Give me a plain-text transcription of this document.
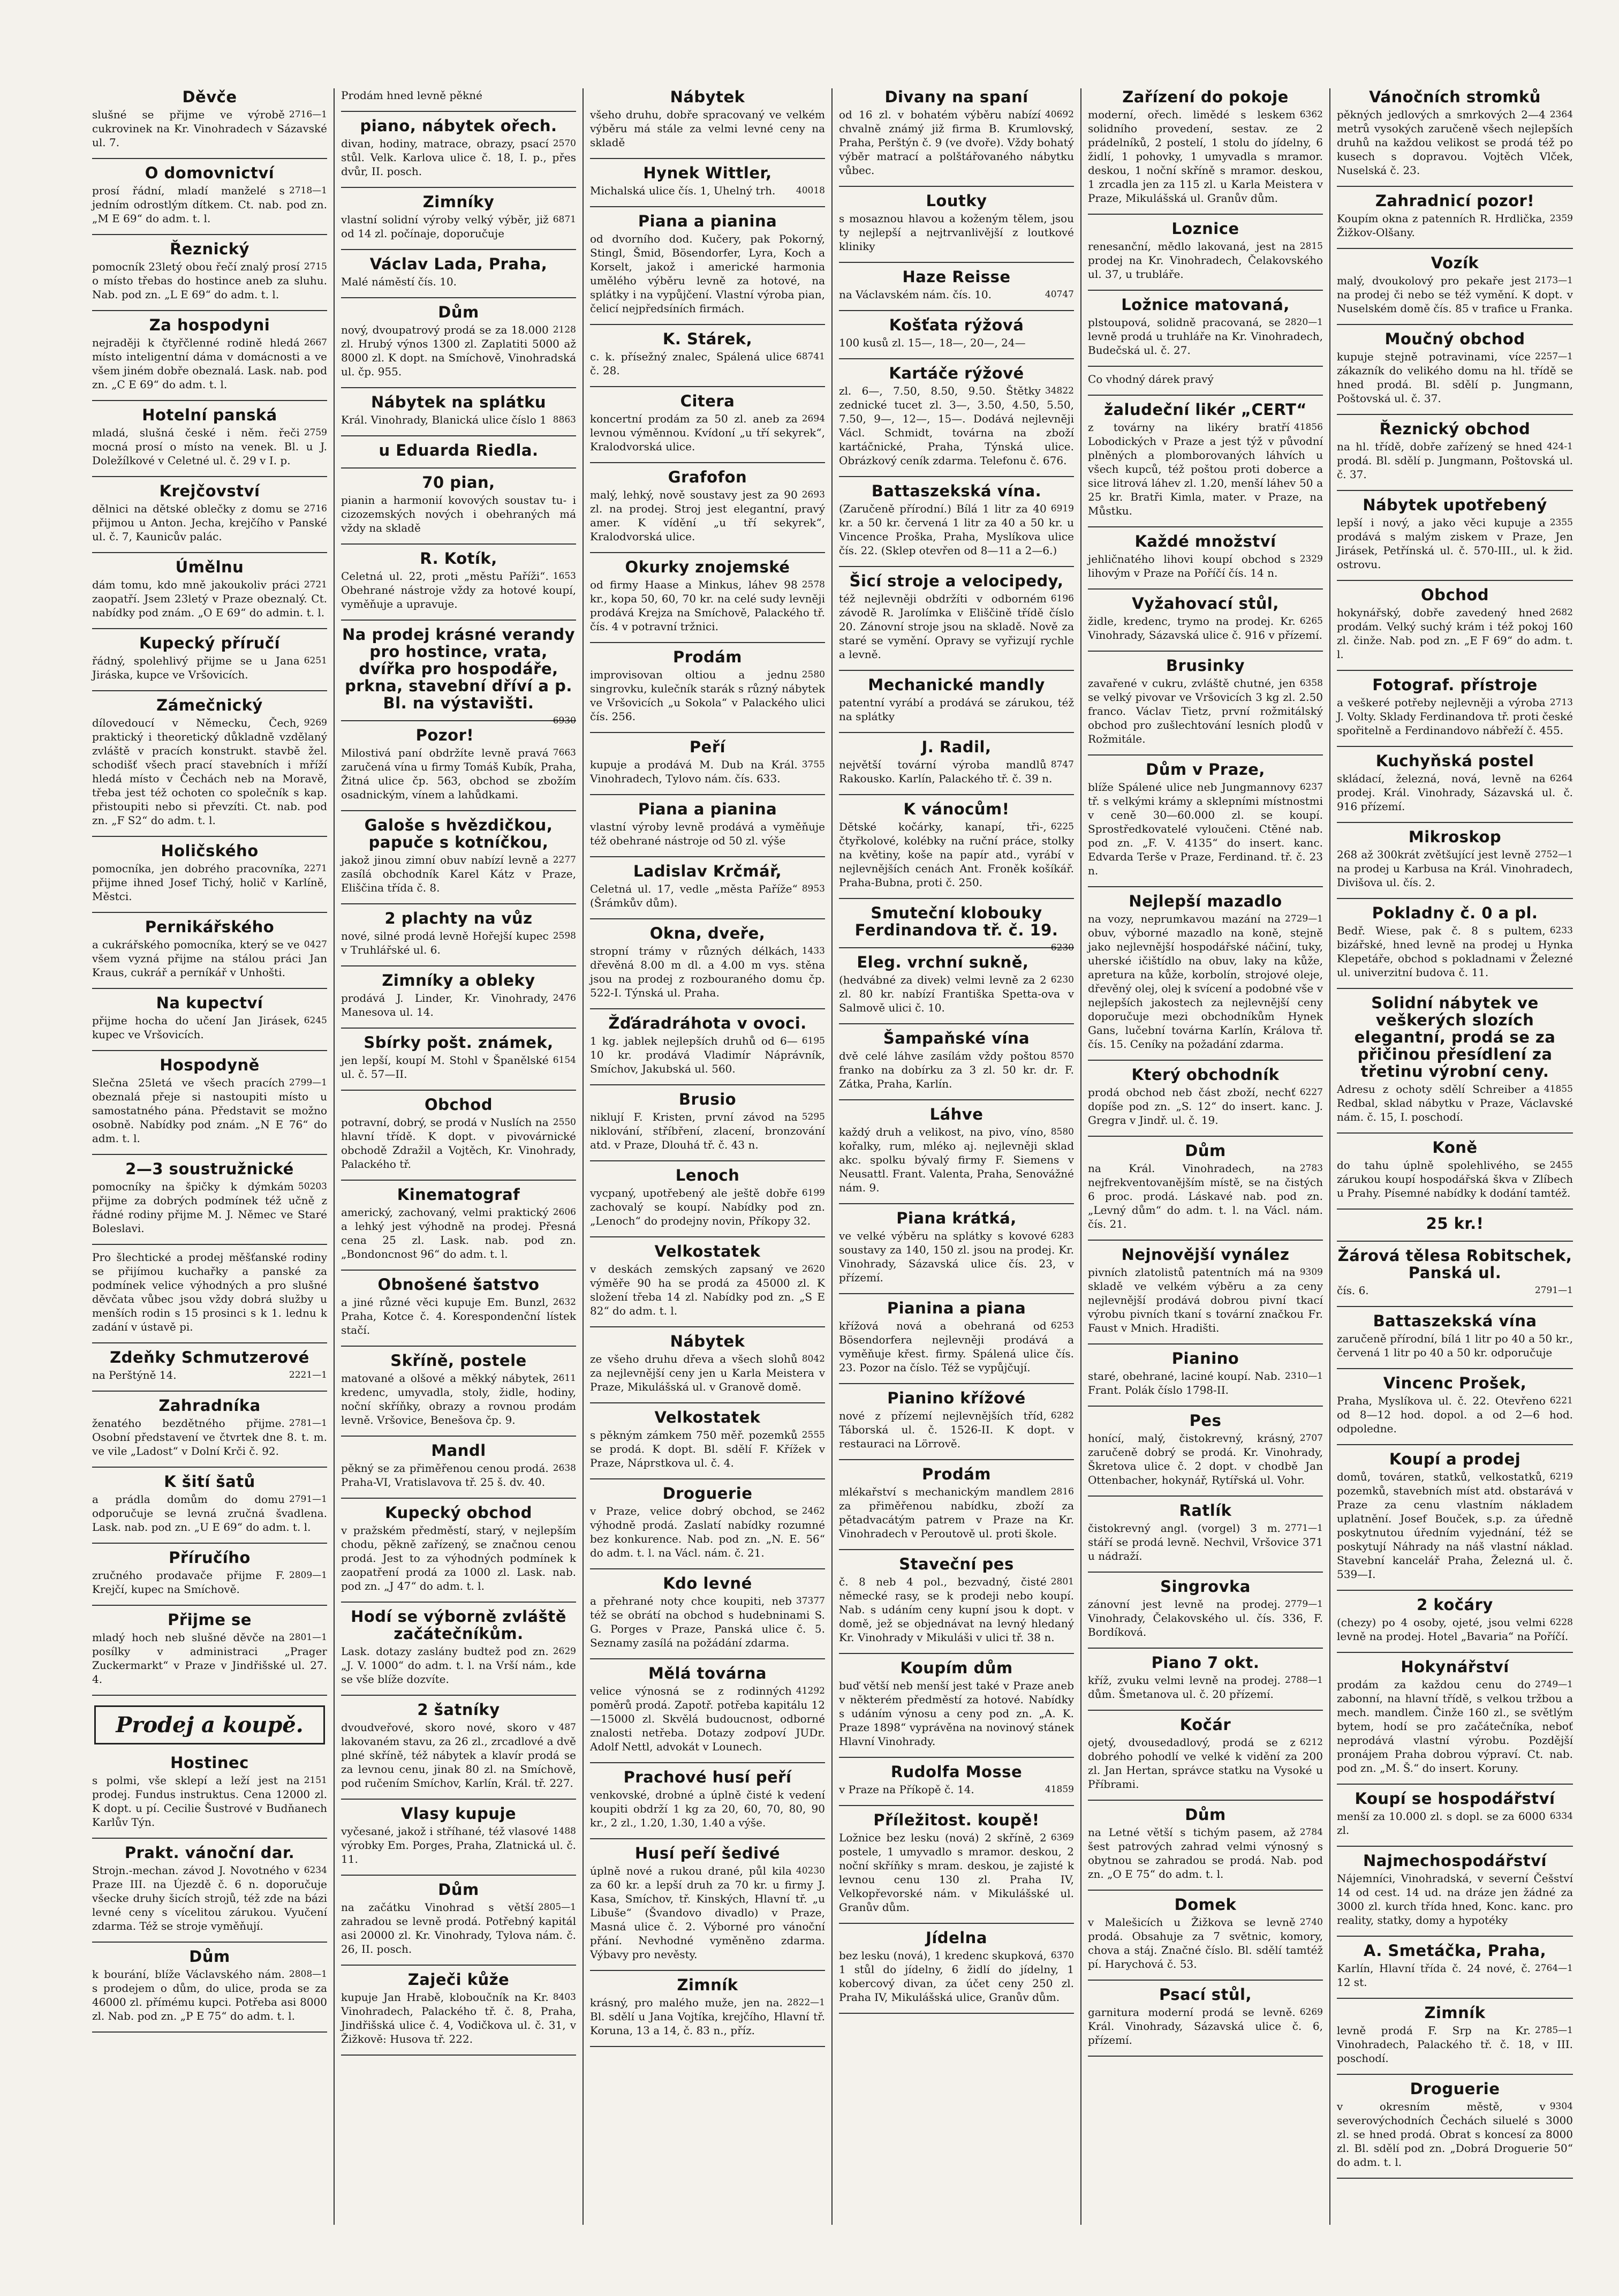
Děvče

2716—1
slušné se přijme ve výrobě cukrovinek na Kr. Vinohradech v Sázavské ul. 7.

O domovnictví

2718—1
prosí řádní, mladí manželé s jedním odrostlým dítkem. Ct. nab. pod zn. „M E 69“ do adm. t. l.

Řeznický

2715
pomocník 23letý obou řečí znalý prosí o místo třebas do hostince aneb za sluhu. Nab. pod zn. „L E 69“ do adm. t. l.

Za hospodyni

2667
nejraději k čtyřčlenné rodině hledá místo inteligentní dáma v domácnosti a ve všem jiném dobře obeznalá. Lask. nab. pod zn. „C E 69“ do adm. t. l.

Hotelní panská

2759
mladá, slušná české i něm. řeči mocná prosí o místo na venek. Bl. u J. Doležílkové v Celetné ul. č. 29 v I. p.

Krejčovství

2716
dělnici na dětské oblečky z domu se přijmou u Anton. Jecha, krejčího v Panské ul. č. 7, Kaunicův palác.

Úmělnu

2721
dám tomu, kdo mně jakoukoliv práci zaopatří. Jsem 23letý v Praze obeznalý. Ct. nabídky pod znám. „O E 69“ do admin. t. l.

Kupecký příručí

6251
řádný, spolehlivý přijme se u Jana Jiráska, kupce ve Vršovicích.

Zámečnický

9269
dílovedoucí v Německu, Čech, praktický i theoretický důkladně vzdělaný zvláště v pracích konstrukt. stavbě žel. schodišť všech prací stavebních i mříží hledá místo v Čechách neb na Moravě, třeba jest též ochoten co společník s kap. přistoupiti nebo si převzíti. Ct. nab. pod zn. „F S2“ do adm. t. l.

Holičského

2271
pomocníka, jen dobrého pracovníka, přijme ihned Josef Tichý, holič v Karlíně, Městci.

Pernikářského

0427
a cukrářského pomocníka, který se ve všem vyzná přijme na stálou práci Jan Kraus, cukrář a perníkář v Unhošti.

Na kupectví

6245
přijme hocha do učení Jan Jirásek, kupec ve Vršovicích.

Hospodyně

2799—1
Slečna 25letá ve všech pracích obeznalá přeje si nastoupiti místo u samostatného pána. Představit se možno osobně. Nabídky pod znám. „N E 76“ do adm. t. l.

2—3 soustružnické

50203
pomocníky na špičky k dýmkám přijme za dobrých podmínek též učně z řádné rodiny přijme M. J. Němec ve Staré Boleslavi.

Pro šlechtické a prodej měšťanské rodiny se přijímou kuchařky a panské za podmínek velice výhodných a pro slušné děvčata vůbec jsou vždy dobrá služby u menších rodin s 15 prosinci s k 1. lednu k zadání v ústavě pi.

Zdeňky Schmutzerové

2221—1
na Perštýně 14.

Zahradníka

2781—1
ženatého bezdětného přijme. Osobní představení ve čtvrtek dne 8. t. m. ve vile „Ladost“ v Dolní Krči č. 92.

K šití šatů

2791—1
a prádla domům do domu odporučuje se levná zručná švadlena. Lask. nab. pod zn. „U E 69“ do adm. t. l.

Příručího

2809—1
zručného prodavače přijme F. Krejčí, kupec na Smíchově.

Přijme se

2801—1
mladý hoch neb slušné děvče na posílky v administraci „Prager Zuckermarkt“ v Praze v Jindřišské ul. 27. 4.

Prodej a koupě.
Hostinec

2151
s polmi, vše sklepí a leží jest na prodej. Fundus instruktus. Cena 12000 zl. K dopt. u pí. Cecilie Šustrové v Budňanech Karlův Týn.

Prakt. vánoční dar.

6234
Strojn.-mechan. závod J. Novotného v Praze III. na Újezdě č. 6 n. doporučuje všecke druhy šicích strojů, též zde na bázi levné ceny s vícelitou zárukou. Vyučení zdarma. Též se stroje vyměňují.

Dům

2808—1
k bourání, blíže Václavského nám. s prodejem o dům, do ulice, proda se za 46000 zl. přímému kupci. Potřeba asi 8000 zl. Nab. pod zn. „P E 75“ do adm. t. l.

Prodám hned levně pěkné

piano, nábytek ořech.

2570
divan, hodiny, matrace, obrazy, psací stůl. Velk. Karlova ulice č. 18, I. p., přes dvůr, II. posch.

Zimníky

6871
vlastní solidní výroby velký výběr, již od 14 zl. počínaje, doporučuje

Václav Lada, Praha,

Malé náměstí čís. 10.

Dům

2128
nový, dvoupatrový prodá se za 18.000 zl. Hrubý výnos 1300 zl. Zaplatiti 5000 až 8000 zl. K dopt. na Smíchově, Vinohradská ul. čp. 955.

Nábytek na splátku

8863
Král. Vinohrady, Blanická ulice číslo 1

u Eduarda Riedla.
70 pian,

pianin a harmonií kovových soustav tu- i cizozemských nových i obehraných má vždy na skladě

R. Kotík,

1653
Celetná ul. 22, proti „městu Paříži“. Obehrané nástroje vždy za hotové koupí, vyměňuje a upravuje.

Na prodej krásné verandy pro hostince, vrata, dvířka pro hospodáře, prkna, stavební dříví a p. Bl. na výstavišti.

6930

Pozor!

7663
Milostivá paní obdržíte levně pravá zaručená vína u firmy Tomáš Kubík, Praha, Žitná ulice čp. 563, obchod se zbožím osadnickým, vínem a lahůdkami.

Galoše s hvězdičkou, papuče s kotníčkou,

2277
jakož jinou zimní obuv nabízí levně a zasílá obchodník Karel Kátz v Praze, Eliščina třída č. 8.

2 plachty na vůz

2598
nové, silné prodá levně Hořejší kupec v Truhlářské ul. 6.

Zimníky a obleky

2476
prodává J. Linder, Kr. Vinohrady, Manesova ul. 14.

Sbírky pošt. známek,

6154
jen lepší, koupí M. Stohl v Španělské ul. č. 57—II.

Obchod

2550
potravní, dobrý, se prodá v Nuslích na hlavní třídě. K dopt. v pivovárnické obchodě Zdražil a Vojtěch, Kr. Vinohrady, Palackého tř.

Kinematograf

2606
americký, zachovaný, velmi praktický a lehký jest výhodně na prodej. Přesná cena 25 zl. Lask. nab. pod zn. „Bondoncnost 96“ do adm. t. l.

Obnošené šatstvo

2632
a jiné různé věci kupuje Em. Bunzl, Praha, Kotce č. 4. Korespondenční lístek stačí.

Skříně, postele

2611
matované a olšové a měkký nábytek, kredenc, umyvadla, stoly, židle, hodiny, noční skříňky, obrazy a rovnou prodám levně. Vršovice, Benešova čp. 9.

Mandl

2638
pěkný se za přiměřenou cenou prodá. Praha-VI, Vratislavova tř. 25 š. dv. 40.

Kupecký obchod

v pražském předměstí, starý, v nejlepším chodu, pěkně zařízený, se značnou cenou prodá. Jest to za výhodných podmínek k zaopatření prodá za 1000 zl. Lask. nab. pod zn. „J 47“ do adm. t. l.

Hodí se výborně zvláště začátečníkům.

2629
Lask. dotazy zaslány budtež pod zn. „J. V. 1000“ do adm. t. l. na Vrší nám., kde se vše blíže dozvíte.

2 šatníky

487
dvoudveřové, skoro nové, skoro v lakovaném stavu, za 26 zl., zrcadlové a dvě plné skříně, též nábytek a klavír prodá se za levnou cenu, jinak 80 zl. na Smíchově, pod ručením Smíchov, Karlín, Král. tř. 227.

Vlasy kupuje

1488
vyčesané, jakož i stříhané, též vlasové výrobky Em. Porges, Praha, Zlatnická ul. č. 11.

Dům

2805—1
na začátku Vinohrad s větší zahradou se levně prodá. Potřebný kapitál asi 20000 zl. Kr. Vinohrady, Tylova nám. č. 26, II. posch.

Zaječi kůže

8403
kupuje Jan Hrabě, kloboučník na Kr. Vinohradech, Palackého tř. č. 8, Praha, Jindřišská ulice č. 4, Vodičkova ul. č. 31, v Žižkově: Husova tř. 222.

Nábytek

všeho druhu, dobře spracovaný ve velkém výběru má stále za velmi levné ceny na skladě

Hynek Wittler,

40018
Michalská ulice čís. 1, Uhelný trh.

Piana a pianina

od dvorního dod. Kučery, pak Pokorný, Stingl, Šmid, Bösendorfer, Lyra, Koch a Korselt, jakož i americké harmonia umělého výběru levně za hotové, na splátky i na vypůjčení. Vlastní výroba pian, čelicí nejpředsíních firmách.

K. Stárek,

68741
c. k. přísežný znalec, Spálená ulice č. 28.

Citera

2694
koncertní prodám za 50 zl. aneb za levnou výměnnou. Kvídoní „u tří sekyrek“, Kralodvorská ulice.

Grafofon

2693
malý, lehký, nově soustavy jest za 90 zl. na prodej. Stroj jest elegantní, pravý amer. K vídění „u tří sekyrek“, Kralodvorská ulice.

Okurky znojemské

2578
od firmy Haase a Minkus, láhev 98 kr., kopa 50, 60, 70 kr. na celé sudy levněji prodává Krejza na Smíchově, Palackého tř. čís. 4 v potravní tržnici.

Prodám

2580
improvisovan oltiou a jednu singrovku, kulečník starák s různý nábytek ve Vršovicích „u Sokola“ v Palackého ulici čís. 256.

Peří

3755
kupuje a prodává M. Dub na Král. Vinohradech, Tylovo nám. čís. 633.

Piana a pianina

vlastní výroby levně prodává a vyměňuje též obehrané nástroje od 50 zl. výše

Ladislav Krčmář,

8953
Celetná ul. 17, vedle „města Paříže“ (Šrámkův dům).

Okna, dveře,

1433
stropní trámy v různých délkách, dřevěná 8.00 m dl. a 4.00 m vys. stěna jsou na prodej z rozbouraného domu čp. 522-I. Týnská ul. Praha.

Žďáradráhota v ovoci.

6195
1 kg. jablek nejlepších druhů od 6—10 kr. prodává Vladimír Náprávník, Smíchov, Jakubská ul. 560.

Brusio

5295
niklují F. Kristen, první závod na niklování, stříbření, zlacení, bronzování atd. v Praze, Dlouhá tř. č. 43 n.

Lenoch

6199
vycpaný, upotřebený ale ještě dobře zachovalý se koupí. Nabídky pod zn. „Lenoch“ do prodejny novin, Příkopy 32.

Velkostatek

2620
v deskách zemských zapsaný ve výměře 90 ha se prodá za 45000 zl. K složení třeba 14 zl. Nabídky pod zn. „S E 82“ do adm. t. l.

Nábytek

8042
ze všeho druhu dřeva a všech slohů za nejlevnější ceny jen u Karla Meistera v Praze, Mikulášská ul. v Granově domě.

Velkostatek

2555
s pěkným zámkem 750 měř. pozemků se prodá. K dopt. Bl. sdělí F. Křížek v Praze, Náprstkova ul. č. 4.

Droguerie

2462
v Praze, velice dobrý obchod, se výhodně prodá. Zaslatí nabídky rozumné bez konkurence. Nab. pod zn. „N. E. 56“ do adm. t. l. na Václ. nám. č. 21.

Kdo levné

37377
a přehrané noty chce koupiti, neb též se obrátí na obchod s hudebninami S. G. Porges v Praze, Panská ulice č. 5. Seznamy zasílá na požádání zdarma.

Mělá továrna

41292
velice výnosná se z rodinných poměrů prodá. Zapotř. potřeba kapitálu 12—15000 zl. Skvělá budoucnost, odborné znalosti netřeba. Dotazy zodpoví JUDr. Adolf Nettl, advokát v Lounech.

Prachové husí peří

venkovské, drobné a úplně čisté k vedení koupiti obdrží 1 kg za 20, 60, 70, 80, 90 kr., 2 zl., 1.20, 1.30, 1.40 a výše.

Husí peří šedivé

40230
úplně nové a rukou drané, půl kila za 60 kr. a lepší druh za 70 kr. u firmy J. Kasa, Smíchov, tř. Kinských, Hlavní tř. „u Libuše“ (Švandovo divadlo) v Praze, Masná ulice č. 2. Výborné pro vánoční přání. Nevhodné vyměněno zdarma. Výbavy pro nevěsty.

Zimník

2822—1
krásný, pro malého muže, jen na. Bl. sdělí u Jana Vojtíka, krejčího, Hlavní tř. Koruna, 13 a 14, č. 83 n., příz.

Divany na spaní

40692
od 16 zl. v bohatém výběru nabízí chvalně známý již firma B. Krumlovský, Praha, Perštýn č. 9 (ve dvoře). Vždy bohatý výběr matrací a polštářovaného nábytku vůbec.

Loutky

s mosaznou hlavou a koženým tělem, jsou ty nejlepší a nejtrvanlivější z loutkové kliniky

Haze Reisse

40747
na Václavském nám. čís. 10.

Košťata rýžová

100 kusů zl. 15—, 18—, 20—, 24—

Kartáče rýžové

34822
zl. 6—, 7.50, 8.50, 9.50. Štětky zednické tucet zl. 3—, 3.50, 4.50, 5.50, 7.50, 9—, 12—, 15—. Dodává nejlevněji Václ. Schmidt, továrna na zboží kartáčnické, Praha, Týnská ulice. Obrázkový ceník zdarma. Telefonu č. 676.

Battaszekská vína.

6919
(Zaručeně přírodní.) Bílá 1 litr za 40 kr. a 50 kr. červená 1 litr za 40 a 50 kr. u Vincence Proška, Praha, Myslíkova ulice čís. 22. (Sklep otevřen od 8—11 a 2—6.)

Šicí stroje a velocipedy,

6196
též nejlevněji obdržíti v odborném závodě R. Jarolímka v Eliščině třídě číslo 20. Zánovní stroje jsou na skladě. Nově za staré se vymění. Opravy se vyřizují rychle a levně.

Mechanické mandly

patentní vyrábí a prodává se zárukou, též na splátky

J. Radil,

8747
největší tovární výroba mandlů Rakousko. Karlín, Palackého tř. č. 39 n.

K vánocům!

6225
Dětské kočárky, kanapí, tři-, čtyřkolové, kolébky na ruční práce, stolky na květiny, koše na papír atd., vyrábí v nejlevnějších cenách Ant. Froněk košíkář. Praha-Bubna, proti č. 250.

Smuteční klobouky Ferdinandova tř. č. 19.

6230

Eleg. vrchní sukně,

6230
(hedvábné za divek) velmi levně za 2 zl. 80 kr. nabízí Františka Spetta-ova v Salmově ulici č. 10.

Šampaňské vína

8570
dvě celé láhve zasílám vždy poštou franko na dobírku za 3 zl. 50 kr. dr. F. Zátka, Praha, Karlín.

Láhve

8580
každý druh a velikost, na pivo, víno, kořalky, rum, mléko aj. nejlevněji sklad akc. spolku bývalý firmy F. Siemens v Neusattl. Frant. Valenta, Praha, Senovážné nám. 9.

Piana krátká,

6283
ve velké výběru na splátky s kovové soustavy za 140, 150 zl. jsou na prodej. Kr. Vinohrady, Sázavská ulice čís. 23, v přízemí.

Pianina a piana

6253
křížová nová a obehraná od Bösendorfera nejlevněji prodává a vyměňuje křest. firmy. Spálená ulice čís. 23. Pozor na číslo. Též se vypůjčují.

Pianino křížové

6282
nové z přízemí nejlevnějších tříd, Táborská ul. č. 1526-II. K dopt. v restauraci na Lörrově.

Prodám

2816
mlékařství s mechanickým mandlem za přiměřenou nabídku, zboží za pětadvacátým patrem v Praze na Kr. Vinohradech v Peroutově ul. proti škole.

Staveční pes

2801
č. 8 neb 4 pol., bezvadný, čisté německé rasy, se k prodeji nebo koupí. Nab. s udáním ceny kupní jsou k dopt. v domě, jež se objednávat na levný hledaný Kr. Vinohrady v Mikuláši v ulici tř. 38 n.

Koupím dům

buď větší neb menší jest také v Praze aneb v některém předměstí za hotové. Nabídky s udáním výnosu a ceny pod zn. „A. K. Praze 1898“ vyprávěna na novinový stánek Hlavní Vinohrady.

Rudolfa Mosse

41859
v Praze na Příkopě č. 14.

Příležitost. koupě!

6369
Ložnice bez lesku (nová) 2 skříně, 2 postele, 1 umyvadlo s mramor. deskou, 2 noční skříňky s mram. deskou, je zajisté k levnou cenu 130 zl. Praha IV, Velkopřevorské nám. v Mikulášské ul. Granův dům.

Jídelna

6370
bez lesku (nová), 1 kredenc skupková, 1 stůl do jídelny, 6 židlí do jídelny, 1 kobercový divan, za účet ceny 250 zl. Praha IV, Mikulášská ulice, Granův dům.

Zařízení do pokoje

6362
moderní, ořech. limědé s leskem solidního provedení, sestav. ze 2 prádelníků, 2 postelí, 1 stolu do jídelny, 6 židlí, 1 pohovky, 1 umyvadla s mramor. deskou, 1 noční skříně s mramor. deskou, 1 zrcadla jen za 115 zl. u Karla Meistera v Praze, Mikulášská ul. Granův dům.

Loznice

2815
renesanční, mědlo lakovaná, jest na prodej na Kr. Vinohradech, Čelakovského ul. 37, u trubláře.

Ložnice matovaná,

2820—1
plstoupová, solidně pracovaná, se levně prodá u truhláře na Kr. Vinohradech, Budečská ul. č. 27.

Co vhodný dárek pravý

žaludeční likér „CERT“

41856
z továrny na likéry bratří Lobodických v Praze a jest týž v původní plněných a plomborovaných láhvích u všech kupců, též poštou proti doberce a sice litrová láhev zl. 1.20, menší láhev 50 a 25 kr. Bratři Kimla, mater. v Praze, na Můstku.

Každé množství

2329
jehličnatého lihovi koupí obchod s lihovým v Praze na Poříčí čís. 14 n.

Vyžahovací stůl,

6265
židle, kredenc, trymo na prodej. Kr. Vinohrady, Sázavská ulice č. 916 v přízemí.

Brusinky

6358
zavařené v cukru, zvláště chutné, jen se velký pivovar ve Vršovicích 3 kg zl. 2.50 franco. Václav Tietz, první rožmitálský obchod pro zušlechtování lesních plodů v Rožmitále.

Dům v Praze,

6237
blíže Spálené ulice neb Jungmannovy tř. s velkými krámy a sklepními místnostmi v ceně 30—60.000 zl. se koupí. Sprostředkovatelé vyloučeni. Ctěné nab. pod zn. „F. V. 4135“ do insert. kanc. Edvarda Terše v Praze, Ferdinand. tř. č. 23 n.

Nejlepší mazadlo

2729—1
na vozy, neprumkavou mazání na obuv, výborné mazadlo na koně, stejně jako nejlevnější hospodářské náčiní, tuky, uherské ičištídlo na obuv, laky na kůže, apretura na kůže, korbolín, strojové oleje, dřevěný olej, olej k svícení a podobné vše v nejlepších jakostech za nejlevnější ceny doporučuje mezi obchodníkům Hynek Gans, lučební továrna Karlín, Králova tř. čís. 15. Ceníky na požadání zdarma.

Který obchodník

6227
prodá obchod neb část zboží, nechť dopíše pod zn. „S. 12“ do insert. kanc. J. Gregra v Jindř. ul. č. 19.

Dům

2783
na Král. Vinohradech, na nejfrekventovanějším místě, se na čistých 6 proc. prodá. Láskavé nab. pod zn. „Levný dům“ do adm. t. l. na Václ. nám. čís. 21.

Nejnovější vynález

9309
pivních zlatolistů patentních má na skladě ve velkém výběru a za ceny nejlevnější prodává dobrou pivní tkací výrobu pivních tkaní s tovární značkou Fr. Faust v Mnich. Hradišti.

Pianino

2310—1
staré, obehrané, laciné koupí. Nab. Frant. Polák číslo 1798-II.

Pes

2707
honící, malý, čistokrevný, krásný, zaručeně dobrý se prodá. Kr. Vinohrady, Škretova ulice č. 2 dopt. v chodbě Jan Ottenbacher, hokynář, Rytířská ul. Vohr.

Ratlík

2771—1
čistokrevný angl. (vorgel) 3 m. stáří se prodá levně. Nechvil, Vršovice 371 u nádraží.

Singrovka

2779—1
zánovní jest levně na prodej. Vinohrady, Čelakovského ul. čís. 336, F. Bordíková.

Piano 7 okt.

2788—1
kříž, zvuku velmi levně na prodej. dům. Šmetanova ul. č. 20 přízemí.

Kočár

6212
ojetý, dvousedadlový, prodá se z dobrého pohodlí ve velké k vidění za 200 zl. Jan Hertan, správce statku na Vysoké u Příbrami.

Dům

2784
na Letné větší s tichým pasem, až šest patrových zahrad velmi výnosný s obytnou se zahradou se prodá. Nab. pod zn. „O E 75“ do adm. t. l.

Domek

2740
v Malešicích u Žižkova se levně prodá. Obsahuje za 7 světnic, komory, chova a stáj. Značné číslo. Bl. sdělí tamtéž pí. Harychová č. 53.

Psací stůl,

6269
garnitura moderní prodá se levně. Král. Vinohrady, Sázavská ulice č. 6, přízemí.

Vánočních stromků

2364
pěkných jedlových a smrkových 2—4 metrů vysokých zaručeně všech nejlepších druhů na každou velikost se prodá též po kusech s dopravou. Vojtěch Vlček, Nuselská č. 23.

Zahradnicí pozor!

2359
Koupím okna z patenních R. Hrdlička, Žižkov-Olšany.

Vozík

2173—1
malý, dvoukolový pro pekaře jest na prodej či nebo se též vymění. K dopt. v Nuselském domě čís. 85 v trafice u Franka.

Moučný obchod

2257—1
kupuje stejně potravinami, více zákazník do velikého domu na hl. třídě se hned prodá. Bl. sdělí p. Jungmann, Poštovská ul. č. 37.

Řeznický obchod

424-1
na hl. třídě, dobře zařízený se hned prodá. Bl. sdělí p. Jungmann, Poštovská ul. č. 37.

Nábytek upotřebený

2355
lepší i nový, a jako věci kupuje a prodává s malým ziskem v Praze, Jen Jirásek, Petřínská ul. č. 570-III., ul. k žid. ostrovu.

Obchod

2682
hokynářský, dobře zavedený hned prodám. Velký suchý krám i též pokoj 160 zl. činže. Nab. pod zn. „E F 69“ do adm. t. l.

Fotograf. přístroje

2713
a veškeré potřeby nejlevněji a výroba J. Volty. Sklady Ferdinandova tř. proti české spořitelně a Ferdinandovo nábřeží č. 455.

Kuchyňská postel

6264
skládací, železná, nová, levně na prodej. Král. Vinohrady, Sázavská ul. č. 916 přízemí.

Mikroskop

2752—1
268 až 300krát zvětšující jest levně na prodej u Karbusa na Král. Vinohradech, Divišova ul. čís. 2.

Pokladny č. 0 a pl.

6233
Bedř. Wiese, pak č. 8 s pultem, bizářské, hned levně na prodej u Hynka Klepetáře, obchod s pokladnami v Železné ul. univerzitní budova č. 11.

Solidní nábytek ve veškerých slozích elegantní, prodá se za přičinou přesídlení za třetinu výrobní ceny.

41855
Adresu z ochoty sdělí Schreiber a Redbal, sklad nábytku v Praze, Václavské nám. č. 15, I. poschodí.

Koně

2455
do tahu úplně spolehlivého, se zárukou koupí hospodářská škva v Zlíbech u Prahy. Písemné nabídky k dodání tamtéž.

25 kr.!
Žárová tělesa Robitschek, Panská ul.

2791—1
čís. 6.

Battaszekská vína

zaručeně přírodní, bílá 1 litr po 40 a 50 kr., červená 1 litr po 40 a 50 kr. odporučuje

Vincenc Prošek,

6221
Praha, Myslíkova ul. č. 22. Otevřeno od 8—12 hod. dopol. a od 2—6 hod. odpoledne.

Koupí a prodej

6219
domů, továren, statků, velkostatků, pozemků, stavebních míst atd. obstarává v Praze za cenu vlastním nákladem uplatnění. Josef Bouček, s.p. za úředně poskytnutou úředním vyjednání, též se poskytují Náhrady na náš vlastní náklad. Stavební kancelář Praha, Železná ul. č. 539—I.

2 kočáry

6228
(chezy) po 4 osoby, ojeté, jsou velmi levně na prodej. Hotel „Bavaria“ na Poříčí.

Hokynářství

2749—1
prodám za každou cenu do zabonní, na hlavní třídě, s velkou tržbou a mech. mandlem. Činže 160 zl., se světlým bytem, hodí se pro začátečníka, neboť neprodává vlastní výrobu. Pozdější pronájem Praha dobrou výpraví. Ct. nab. pod zn. „M. Š.“ do insert. Koruny.

Koupí se hospodářství

6334
menší za 10.000 zl. s dopl. se za 6000 zl.

Najmechospodářství

Nájemníci, Vinohradská, v severní Češství 14 od cest. 14 ud. na dráze jen žádné za 3000 zl. kurch třída hned, Konc. kanc. pro reality, statky, domy a hypotéky

A. Smetáčka, Praha,

2764—1
Karlín, Hlavní třída č. 24 nové, č. 12 st.

Zimník

2785—1
levně prodá F. Srp na Kr. Vinohradech, Palackého tř. č. 18, v III. poschodí.

Droguerie

9304
v okresním městě, v severovýchodních Čechách siluelé s 3000 zl. se hned prodá. Obrat s koncesí za 8000 zl. Bl. sdělí pod zn. „Dobrá Droguerie 50“ do adm. t. l.
